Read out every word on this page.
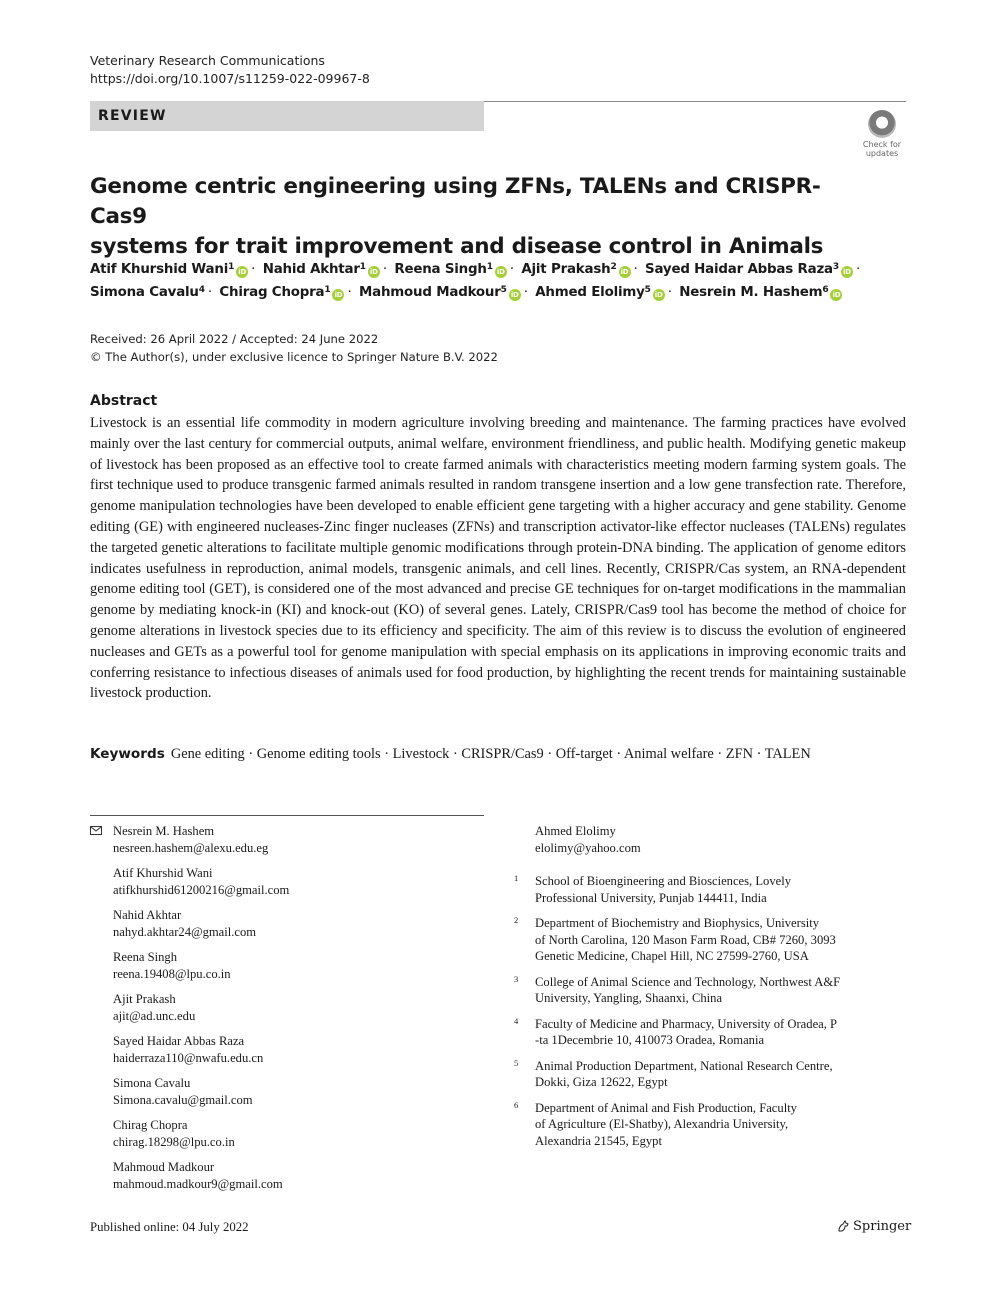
Veterinary Research Communications
https://doi.org/10.1007/s11259-022-09967-8
REVIEW
Check for
updates
Genome centric engineering using ZFNs, TALENs and CRISPR-Cas9
systems for trait improvement and disease control in Animals
Atif Khurshid Wani$^1$ iD · Nahid Akhtar$^1$ iD · Reena Singh$^1$ iD · Ajit Prakash$^2$ iD · Sayed Haidar Abbas Raza$^3$ iD ·
Simona Cavalu$^4$ · Chirag Chopra$^1$ iD · Mahmoud Madkour$^5$ iD · Ahmed Elolimy$^5$ iD · Nesrein M. Hashem$^6$ iD
Received: 26 April 2022 / Accepted: 24 June 2022
© The Author(s), under exclusive licence to Springer Nature B.V. 2022
Abstract

Livestock is an essential life commodity in modern agriculture involving breeding and maintenance. The farming practices have evolved mainly over the last century for commercial outputs, animal welfare, environment friendliness, and public health. Modifying genetic makeup of livestock has been proposed as an effective tool to create farmed animals with characteristics meeting modern farming system goals. The first technique used to produce transgenic farmed animals resulted in random transgene insertion and a low gene transfection rate. Therefore, genome manipulation technologies have been developed to enable efficient gene targeting with a higher accuracy and gene stability. Genome editing (GE) with engineered nucleases-Zinc finger nucleases (ZFNs) and transcription activator-like effector nucleases (TALENs) regulates the targeted genetic alterations to facilitate multiple genomic modifications through protein-DNA binding. The application of genome editors indicates usefulness in reproduction, animal models, transgenic animals, and cell lines. Recently, CRISPR/Cas system, an RNA-dependent genome editing tool (GET), is considered one of the most advanced and precise GE techniques for on-target modifications in the mammalian genome by mediating knock-in (KI) and knock-out (KO) of several genes. Lately, CRISPR/Cas9 tool has become the method of choice for genome alterations in livestock species due to its efficiency and specificity. The aim of this review is to discuss the evolution of engineered nucleases and GETs as a powerful tool for genome manipulation with special emphasis on its applications in improving economic traits and conferring resistance to infectious diseases of animals used for food production, by highlighting the recent trends for maintaining sustainable livestock production.

Keywords Gene editing · Genome editing tools · Livestock · CRISPR/Cas9 · Off-target · Animal welfare · ZFN · TALEN
Nesrein M. Hashem
nesreen.hashem@alexu.edu.eg
Atif Khurshid Wani
atifkhurshid61200216@gmail.com
Nahid Akhtar
nahyd.akhtar24@gmail.com
Reena Singh
reena.19408@lpu.co.in
Ajit Prakash
ajit@ad.unc.edu
Sayed Haidar Abbas Raza
haiderraza110@nwafu.edu.cn
Simona Cavalu
Simona.cavalu@gmail.com
Chirag Chopra
chirag.18298@lpu.co.in
Mahmoud Madkour
mahmoud.madkour9@gmail.com
Ahmed Elolimy
elolimy@yahoo.com
1 School of Bioengineering and Biosciences, Lovely
Professional University, Punjab 144411, India
2 Department of Biochemistry and Biophysics, University
of North Carolina, 120 Mason Farm Road, CB# 7260, 3093
Genetic Medicine, Chapel Hill, NC 27599-2760, USA
3 College of Animal Science and Technology, Northwest A&F
University, Yangling, Shaanxi, China
4 Faculty of Medicine and Pharmacy, University of Oradea, P
-ta 1Decembrie 10, 410073 Oradea, Romania
5 Animal Production Department, National Research Centre,
Dokki, Giza 12622, Egypt
6 Department of Animal and Fish Production, Faculty
of Agriculture (El-Shatby), Alexandria University,
Alexandria 21545, Egypt
Published online: 04 July 2022	Springer
